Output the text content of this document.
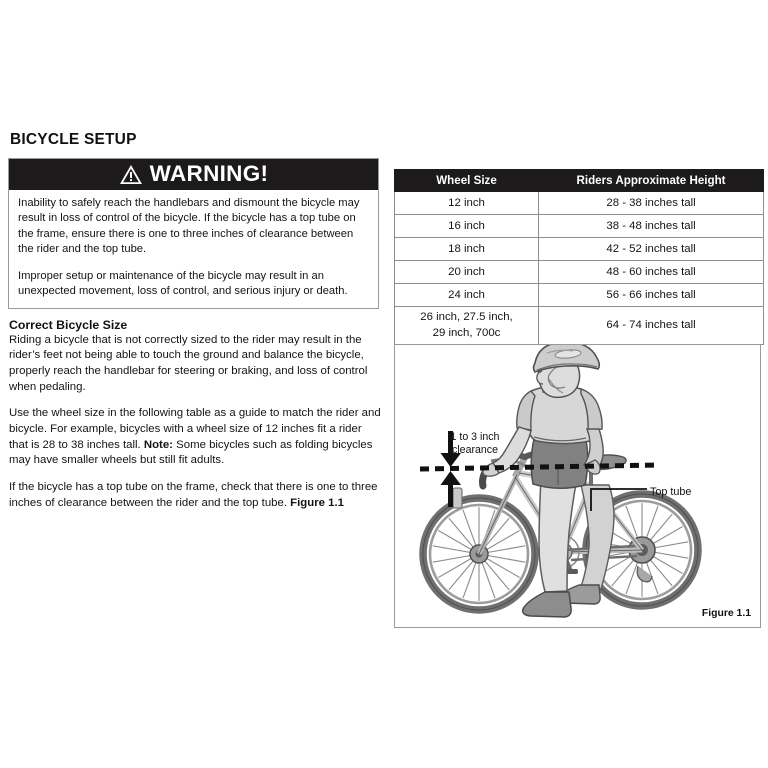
BICYCLE SETUP
WARNING!

Inability to safely reach the handlebars and dismount the bicycle may result in loss of control of the bicycle. If the bicycle has a top tube on the frame, ensure there is one to three inches of clearance between the rider and the top tube.

Improper setup or maintenance of the bicycle may result in an unexpected movement, loss of control, and serious injury or death.

Correct Bicycle Size

Riding a bicycle that is not correctly sized to the rider may result in the rider’s feet not being able to touch the ground and balance the bicycle, properly reach the handlebar for steering or braking, and loss of control when pedaling.

Use the wheel size in the following table as a guide to match the rider and bicycle. For example, bicycles with a wheel size of 12 inches fit a rider that is 28 to 38 inches tall. Note: Some bicycles such as folding bicycles may have smaller wheels but still fit adults.

If the bicycle has a top tube on the frame, check that there is one to three inches of clearance between the rider and the top tube. Figure 1.1

Wheel Size	Riders Approximate Height
12 inch	28 - 38 inches tall
16 inch	38 - 48 inches tall
18 inch	42 - 52 inches tall
20 inch	48 - 60 inches tall
24 inch	56 - 66 inches tall
26 inch, 27.5 inch,
29 inch, 700c	64 - 74 inches tall
1 to 3 inch
clearance
Top tube
Figure 1.1
